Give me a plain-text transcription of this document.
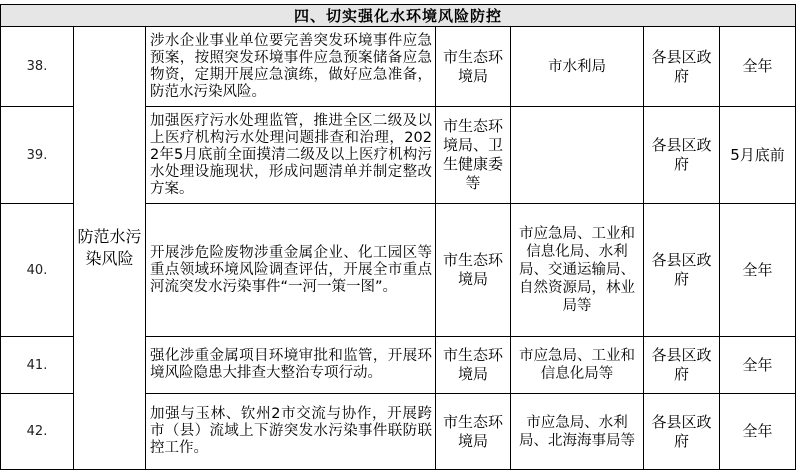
四、切实强化水环境风险防控						
38.	防范水污染风险	涉水企业事业单位要完善突发环境事件应急预案，按照突发环境事件应急预案储备应急物资，定期开展应急演练，做好应急准备，防范水污染风险。	市生态环境局	市水利局	各县区政府	全年
39.		加强医疗污水处理监管，推进全区二级及以上医疗机构污水处理问题排查和治理，2022年5月底前全面摸清二级及以上医疗机构污水处理设施现状，形成问题清单并制定整改方案。	市生态环境局、卫生健康委等		各县区政府	5月底前
40.		开展涉危险废物涉重金属企业、化工园区等重点领域环境风险调查评估，开展全市重点河流突发水污染事件“一河一策一图”。	市生态环境局	市应急局、工业和信息化局、水利局、交通运输局、自然资源局，林业局等	各县区政府	全年
41.		强化涉重金属项目环境审批和监管，开展环境风险隐患大排查大整治专项行动。	市生态环境局	市应急局、工业和信息化局等	各县区政府	全年
42.		加强与玉林、钦州2市交流与协作，开展跨市（县）流域上下游突发水污染事件联防联控工作。	市生态环境局	市应急局、水利局、北海海事局等	各县区政府	全年
